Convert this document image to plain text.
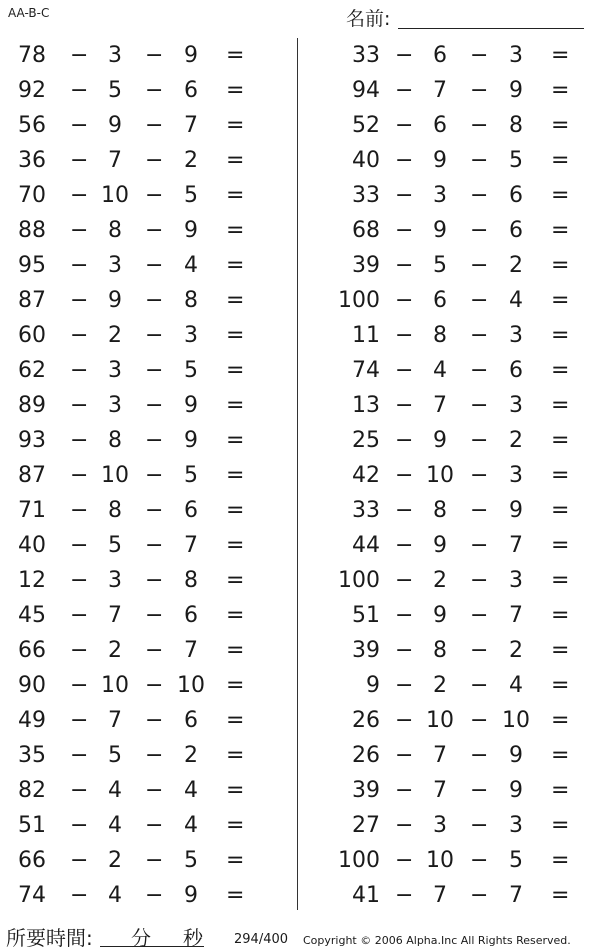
AA-B-C	名前:
78 − 3	− 9	=
92 − 5	− 6	=
56 − 9	− 7	=
36 − 7	− 2	=
70 − 10 − 5	=
88 − 8	− 9	=
95 − 3	− 4	=
87 − 9	− 8	=
60 − 2	− 3	=
62 − 3	− 5	=
89 − 3	− 9	=
93 − 8	− 9	=
87 − 10 − 5	=
71 − 8	− 6	=
40 − 5	− 7	=
12 − 3	− 8	=
45 − 7	− 6	=
66 − 2	− 7	=
90 − 10 − 10 =
49 − 7	− 6	=
35 − 5	− 2	=
82 − 4	− 4	=
51 − 4	− 4	=
66 − 2	− 5	=
74 − 4	− 9	=
33 − 6	− 3	=
94 − 7	− 9	=
52 − 6	− 8	=
40 − 9	− 5	=
33 − 3	− 6	=
68 − 9	− 6	=
39 − 5	− 2	=
100 − 6	− 4	=
11 − 8	− 3	=
74 − 4	− 6	=
13 − 7	− 3	=
25 − 9	− 2	=
42 − 10 − 3	=
33 − 8	− 9	=
44 − 9	− 7	=
100 − 2	− 3	=
51 − 9	− 7	=
39 − 8	− 2	=
9 − 2	− 4	=
26 − 10 − 10 =
26 − 7	− 9	=
39 − 7	− 9	=
27 − 3	− 3	=
100 − 10 − 5	=
41 − 7	− 7	=
所要時間: 分 秒 294/400 Copyright © 2006 Alpha.Inc All Rights Reserved.
